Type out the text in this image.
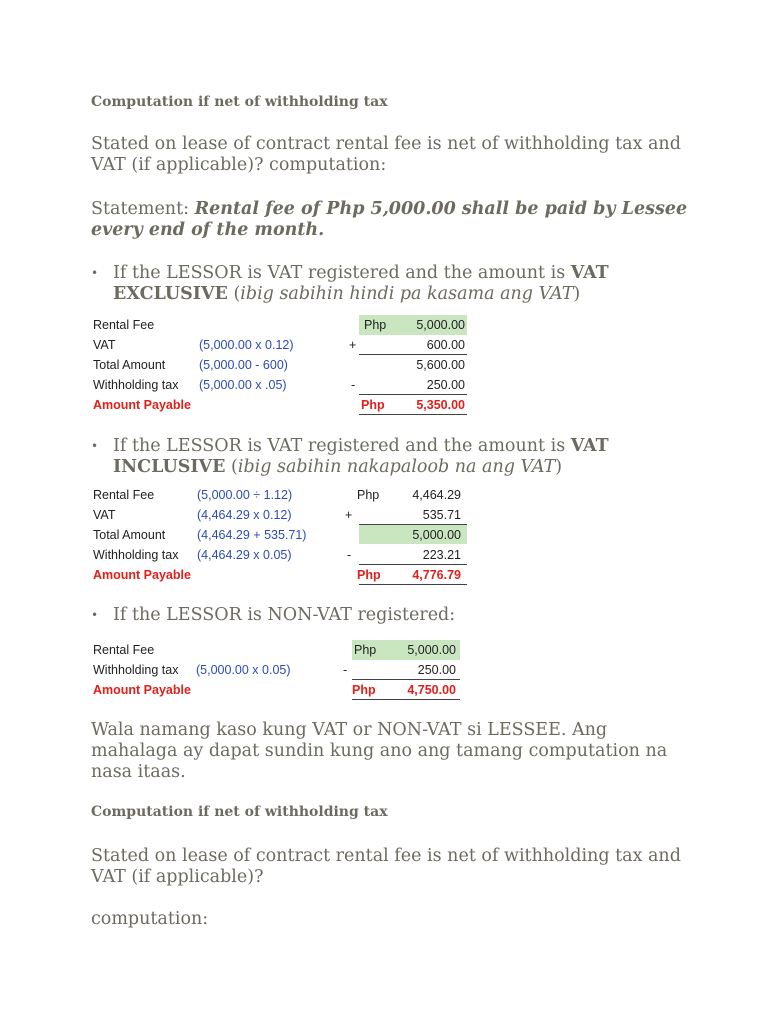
Computation if net of withholding tax
Stated on lease of contract rental fee is net of withholding tax and VAT (if applicable)? computation:
Statement: Rental fee of Php 5,000.00 shall be paid by Lessee every end of the month.
• If the LESSOR is VAT registered and the amount is VAT EXCLUSIVE (ibig sabihin hindi pa kasama ang VAT)
Rental Fee	Php	5,000.00
VAT	(5,000.00 x 0.12)	+	600.00
Total Amount	(5,000.00 - 600)	5,600.00
Withholding tax (5,000.00 x .05)	-	250.00
Amount Payable	Php	5,350.00
• If the LESSOR is VAT registered and the amount is VAT INCLUSIVE (ibig sabihin nakapaloob na ang VAT)
Rental Fee	(5,000.00 ÷ 1.12)	Php	4,464.29
VAT	(4,464.29 x 0.12)	+	535.71
Total Amount	(4,464.29 + 535.71)	5,000.00
Withholding tax (4,464.29 x 0.05)	-	223.21
Amount Payable	Php	4,776.79
• If the LESSOR is NON-VAT registered:
Rental Fee	Php	5,000.00
Withholding tax (5,000.00 x 0.05)	-	250.00
Amount Payable	Php	4,750.00
Wala namang kaso kung VAT or NON-VAT si LESSEE. Ang mahalaga ay dapat sundin kung ano ang tamang computation na nasa itaas.
Computation if net of withholding tax
Stated on lease of contract rental fee is net of withholding tax and VAT (if applicable)?
computation:
